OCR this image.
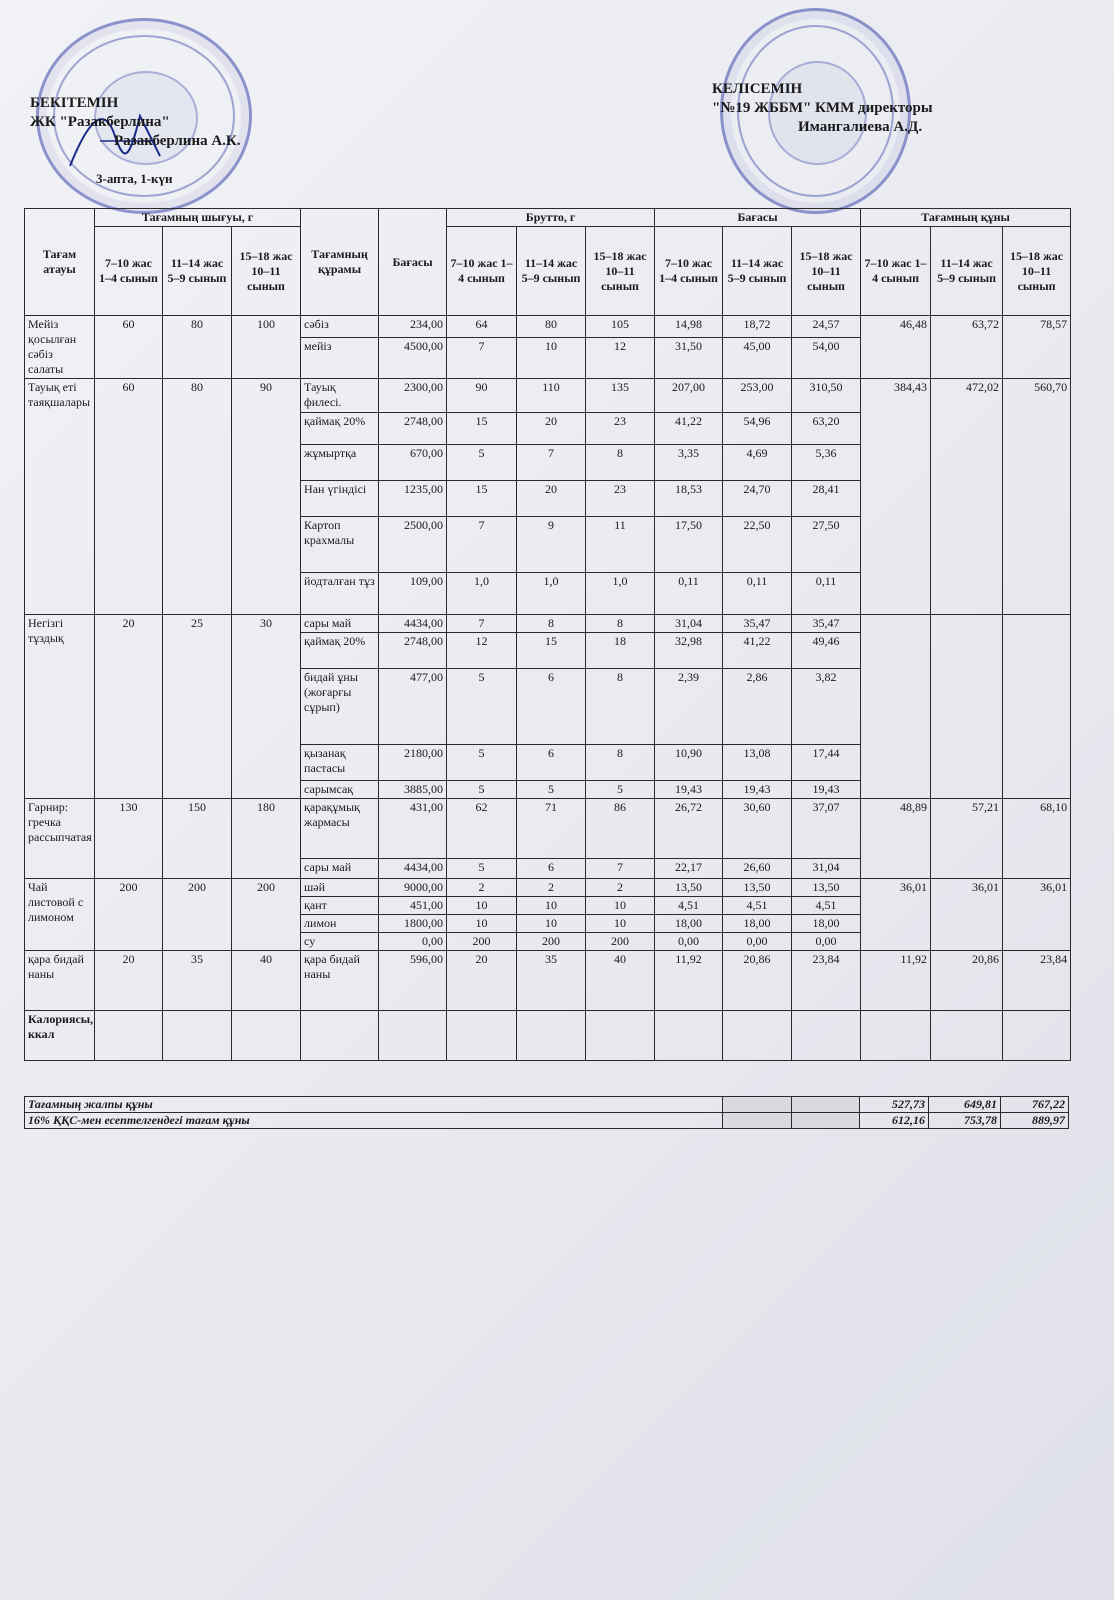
БЕКІТЕМІН
ЖК "Разакберлина"
Разакберлина А.К.
3-апта, 1-күн
КЕЛІСЕМІН
"№19 ЖББМ" КММ директоры
Имангалиева А.Д.
Тағам атауы	Тағамның шығуы, г			Тағамның құрамы	Бағасы	Брутто, г			Бағасы			Тағамның құны		
	7–10 жас 1–4 сынып	11–14 жас 5–9 сынып	15–18 жас 10–11 сынып			7–10 жас 1–4 сынып	11–14 жас 5–9 сынып	15–18 жас 10–11 сынып	7–10 жас 1–4 сынып	11–14 жас 5–9 сынып	15–18 жас 10–11 сынып	7–10 жас 1–4 сынып	11–14 жас 5–9 сынып	15–18 жас 10–11 сынып
Мейіз қосылған сәбіз салаты	60	80	100	сәбіз	234,00	64	80	105	14,98	18,72	24,57	46,48	63,72	78,57
				мейіз	4500,00	7	10	12	31,50	45,00	54,00			
Тауық еті таяқшалары	60	80	90	Тауық филесі.	2300,00	90	110	135	207,00	253,00	310,50	384,43	472,02	560,70
				қаймақ 20%	2748,00	15	20	23	41,22	54,96	63,20			
				жұмыртқа	670,00	5	7	8	3,35	4,69	5,36			
				Нан үгіндісі	1235,00	15	20	23	18,53	24,70	28,41			
				Картоп крахмалы	2500,00	7	9	11	17,50	22,50	27,50			
				йодталған тұз	109,00	1,0	1,0	1,0	0,11	0,11	0,11			
Негізгі тұздық	20	25	30	сары май	4434,00	7	8	8	31,04	35,47	35,47			
				қаймақ 20%	2748,00	12	15	18	32,98	41,22	49,46			
				бидай ұны (жоғарғы сұрып)	477,00	5	6	8	2,39	2,86	3,82			
				қызанақ пастасы	2180,00	5	6	8	10,90	13,08	17,44			
				сарымсақ	3885,00	5	5	5	19,43	19,43	19,43			
Гарнир: гречка рассыпчатая	130	150	180	қарақұмық жармасы	431,00	62	71	86	26,72	30,60	37,07	48,89	57,21	68,10
				сары май	4434,00	5	6	7	22,17	26,60	31,04			
Чай листовой с лимоном	200	200	200	шәй	9000,00	2	2	2	13,50	13,50	13,50	36,01	36,01	36,01
				қант	451,00	10	10	10	4,51	4,51	4,51			
				лимон	1800,00	10	10	10	18,00	18,00	18,00			
				су	0,00	200	200	200	0,00	0,00	0,00			
қара бидай наны	20	35	40	қара бидай наны	596,00	20	35	40	11,92	20,86	23,84	11,92	20,86	23,84
Калориясы, ккал														
Тағамның жалпы құны			527,73	649,81	767,22
16% ҚҚС-мен есептелгендегі тағам құны			612,16	753,78	889,97
